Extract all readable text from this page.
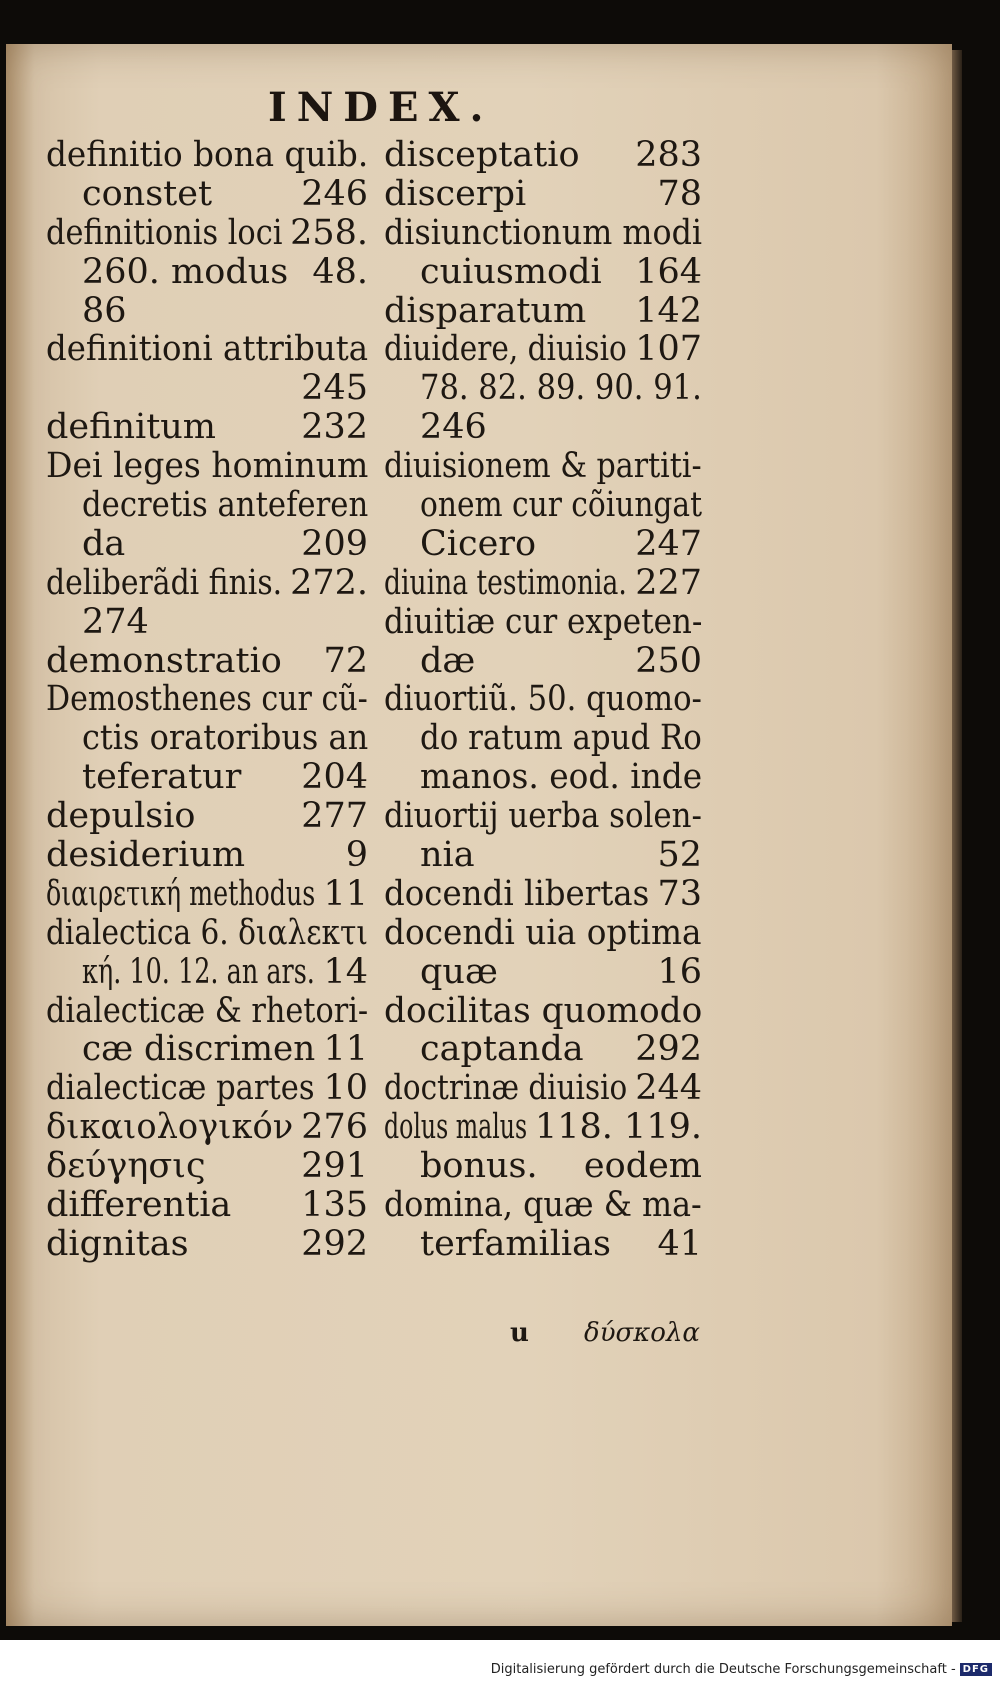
INDEX.
definitio bona quib.
constet	246
definitionis loci 258.
260. modus 48.
86
definitioni attributa
245
definitum 232
Dei leges hominum
decretis anteferen
da	209
deliberãdi finis. 272.
274
demonstratio 72
Demosthenes cur cũ-
ctis oratoribus an
teferatur 204
depulsio	277
desiderium	9
διαιρετική methodus 11
dialectica 6. διαλεκτι
κή. 10. 12. an ars. 14
dialecticæ & rhetori-
cæ discrimen 11
dialecticæ partes 10
δικαιολογικόν 276
δεύγησις	291
differentia 135
dignitas	292
disceptatio 283
discerpi	78
disiunctionum modi
cuiusmodi 164
disparatum 142
diuidere, diuisio 107
78. 82. 89. 90. 91.
246
diuisionem & partiti-
onem cur cõiungat
Cicero	247
diuina testimonia. 227
diuitiæ cur expeten-
dæ	250
diuortiũ. 50. quomo-
do ratum apud Ro
manos. eod. inde
diuortij uerba solen-
nia	52
docendi libertas 73
docendi uia optima
quæ	16
docilitas quomodo
captanda 292
doctrinæ diuisio 244
dolus malus 118. 119.
bonus. eodem
domina, quæ & ma-
terfamilias 41
u δύσκολα
Digitalisierung gefördert durch die Deutsche Forschungsgemeinschaft - DFG
